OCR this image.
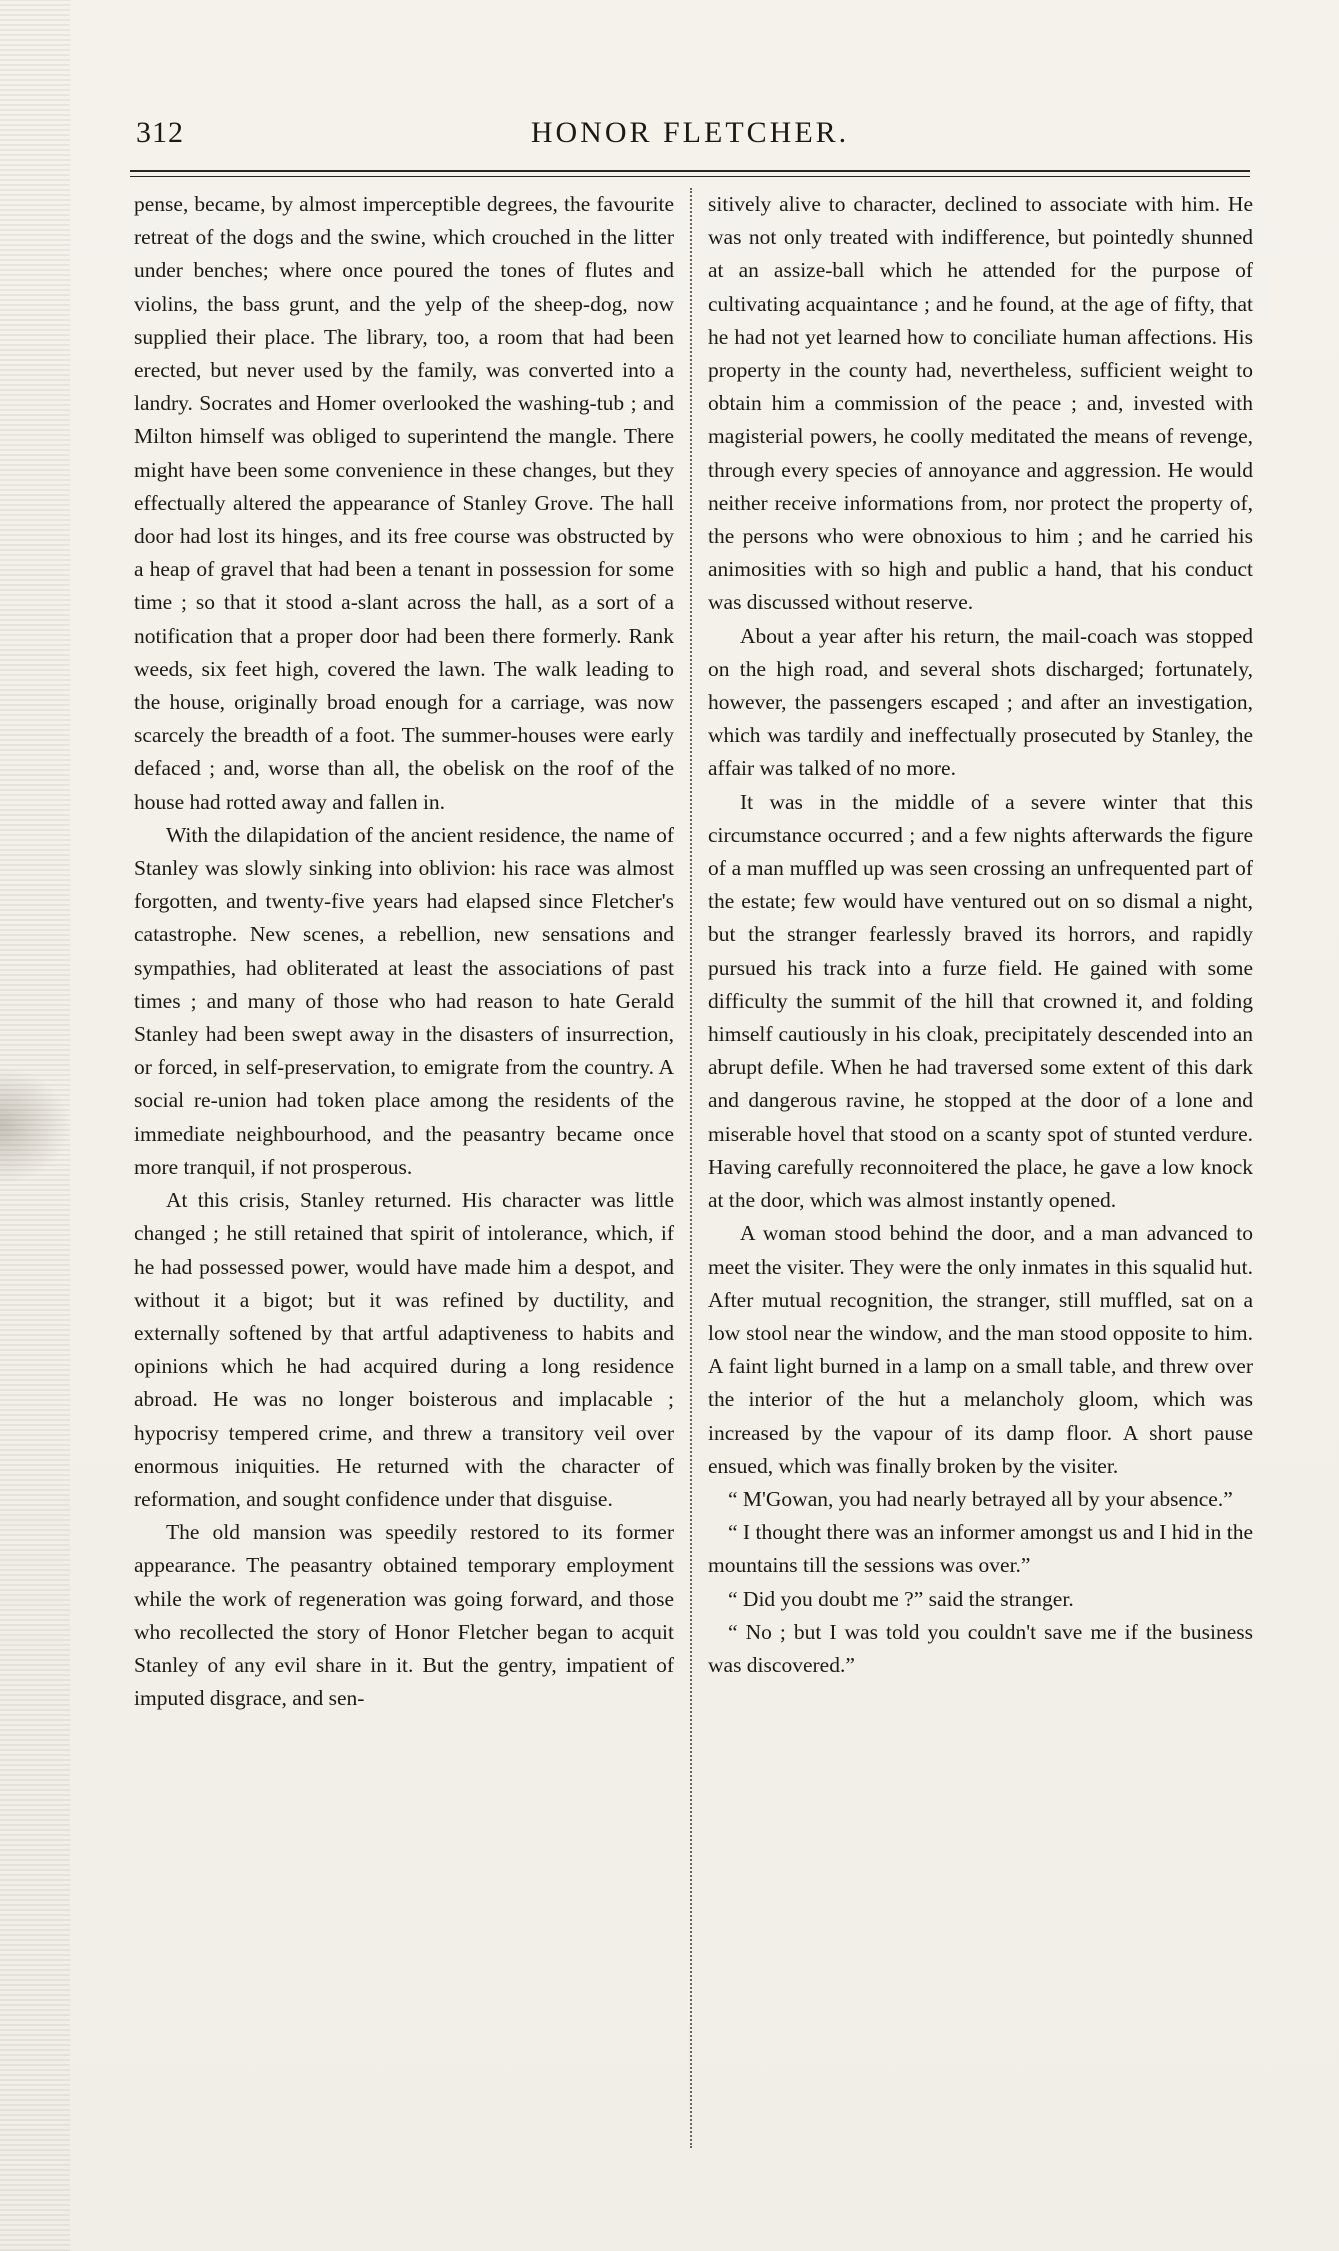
312	HONOR FLETCHER.

pense, became, by almost imperceptible degrees, the favourite retreat of the dogs and the swine, which crouched in the litter under benches; where once poured the tones of flutes and violins, the bass grunt, and the yelp of the sheep-dog, now supplied their place. The library, too, a room that had been erected, but never used by the family, was converted into a landry. Socrates and Homer overlooked the washing-tub ; and Milton himself was obliged to superintend the mangle. There might have been some convenience in these changes, but they effectually altered the appearance of Stanley Grove. The hall door had lost its hinges, and its free course was obstructed by a heap of gravel that had been a tenant in possession for some time ; so that it stood a-slant across the hall, as a sort of a notification that a proper door had been there formerly. Rank weeds, six feet high, covered the lawn. The walk leading to the house, originally broad enough for a carriage, was now scarcely the breadth of a foot. The summer-houses were early defaced ; and, worse than all, the obelisk on the roof of the house had rotted away and fallen in.

With the dilapidation of the ancient residence, the name of Stanley was slowly sinking into oblivion: his race was almost forgotten, and twenty-five years had elapsed since Fletcher's catastrophe. New scenes, a rebellion, new sensations and sympathies, had obliterated at least the associations of past times ; and many of those who had reason to hate Gerald Stanley had been swept away in the disasters of insurrection, or forced, in self-preservation, to emigrate from the country. A social re-union had token place among the residents of the immediate neighbourhood, and the peasantry became once more tranquil, if not prosperous.

At this crisis, Stanley returned. His character was little changed ; he still retained that spirit of intolerance, which, if he had possessed power, would have made him a despot, and without it a bigot; but it was refined by ductility, and externally softened by that artful adaptiveness to habits and opinions which he had acquired during a long residence abroad. He was no longer boisterous and implacable ; hypocrisy tempered crime, and threw a transitory veil over enormous iniquities. He returned with the character of reformation, and sought confidence under that disguise.

The old mansion was speedily restored to its former appearance. The peasantry obtained temporary employment while the work of regeneration was going forward, and those who recollected the story of Honor Fletcher began to acquit Stanley of any evil share in it. But the gentry, impatient of imputed disgrace, and sen-

sitively alive to character, declined to associate with him. He was not only treated with indifference, but pointedly shunned at an assize-ball which he attended for the purpose of cultivating acquaintance ; and he found, at the age of fifty, that he had not yet learned how to conciliate human affections. His property in the county had, nevertheless, sufficient weight to obtain him a commission of the peace ; and, invested with magisterial powers, he coolly meditated the means of revenge, through every species of annoyance and aggression. He would neither receive informations from, nor protect the property of, the persons who were obnoxious to him ; and he carried his animosities with so high and public a hand, that his conduct was discussed without reserve.

About a year after his return, the mail-coach was stopped on the high road, and several shots discharged; fortunately, however, the passengers escaped ; and after an investigation, which was tardily and ineffectually prosecuted by Stanley, the affair was talked of no more.

It was in the middle of a severe winter that this circumstance occurred ; and a few nights afterwards the figure of a man muffled up was seen crossing an unfrequented part of the estate; few would have ventured out on so dismal a night, but the stranger fearlessly braved its horrors, and rapidly pursued his track into a furze field. He gained with some difficulty the summit of the hill that crowned it, and folding himself cautiously in his cloak, precipitately descended into an abrupt defile. When he had traversed some extent of this dark and dangerous ravine, he stopped at the door of a lone and miserable hovel that stood on a scanty spot of stunted verdure. Having carefully reconnoitered the place, he gave a low knock at the door, which was almost instantly opened.

A woman stood behind the door, and a man advanced to meet the visiter. They were the only inmates in this squalid hut. After mutual recognition, the stranger, still muffled, sat on a low stool near the window, and the man stood opposite to him. A faint light burned in a lamp on a small table, and threw over the interior of the hut a melancholy gloom, which was increased by the vapour of its damp floor. A short pause ensued, which was finally broken by the visiter.

“ M'Gowan, you had nearly betrayed all by your absence.”

“ I thought there was an informer amongst us and I hid in the mountains till the sessions was over.”

“ Did you doubt me ?” said the stranger.

“ No ; but I was told you couldn't save me if the business was discovered.”
